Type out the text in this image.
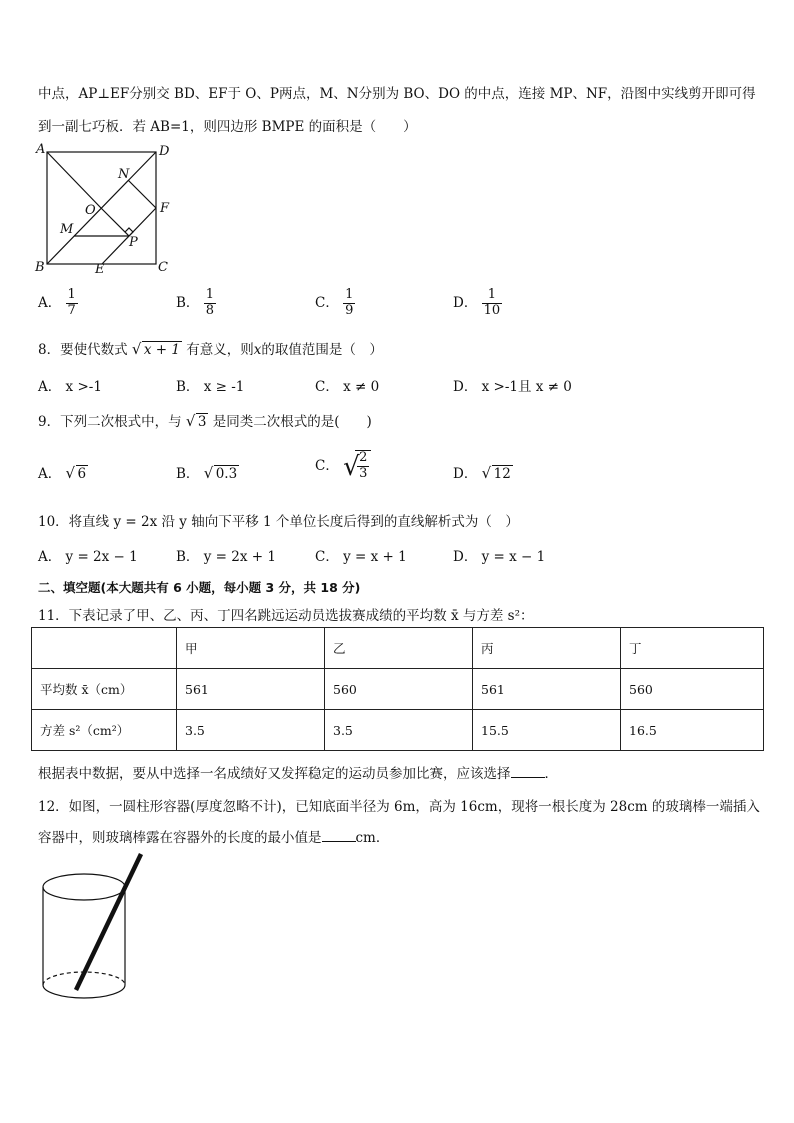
中点，AP⊥EF分别交 BD、EF于 O、P两点，M、N分别为 BO、DO 的中点，连接 MP、NF，沿图中实线剪开即可得
到一副七巧板．若 AB=1，则四边形 BMPE 的面积是（　　）
A	D
N
O	F
M
P
B	E	C
A． $\frac{1}{7}$	B． $\frac{1}{8}$	C． $\frac{1}{9}$	D． $\frac{1}{10}$
8．要使代数式 √ x + 1 有意义，则x的取值范围是（　）
A． x >-1	B． x ≥ -1	C． x ≠ 0	D． x >-1且 x ≠ 0
9．下列二次根式中，与 √ 3 是同类二次根式的是(　　)
A． √ 6	B． √ 0.3
C． √
$\frac{2}{3}$	D． √ 12
10．将直线 y = 2x 沿 y 轴向下平移 1 个单位长度后得到的直线解析式为（　）
A． y = 2x − 1	B． y = 2x + 1	C． y = x + 1	D． y = x − 1
二、填空题(本大题共有 6 小题，每小题 3 分，共 18 分)
11．下表记录了甲、乙、丙、丁四名跳远运动员选拔赛成绩的平均数 x̄ 与方差 s²：
	甲	乙	丙	丁
平均数 x̄（cm）	561	560	561	560
方差 s²（cm²）	3.5	3.5	15.5	16.5
根据表中数据，要从中选择一名成绩好又发挥稳定的运动员参加比赛，应该选择	．
12．如图，一圆柱形容器(厚度忽略不计)，已知底面半径为 6m，高为 16cm，现将一根长度为 28cm 的玻璃棒一端插入
容器中，则玻璃棒露在容器外的长度的最小值是	cm．
